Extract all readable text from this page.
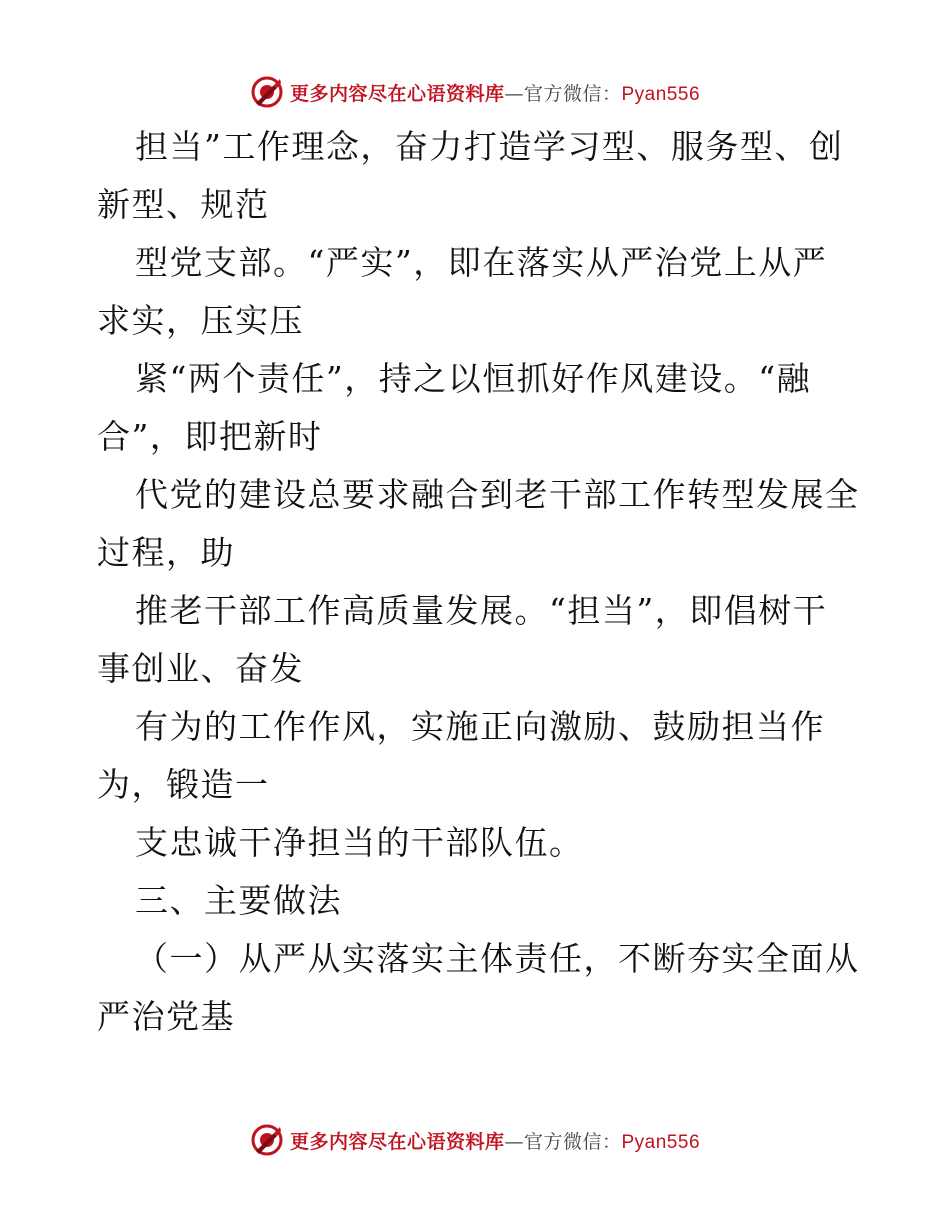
更多内容尽在心语资料库—官方微信：Pyan556
担当”工作理念，奋力打造学习型、服务型、创
新型、规范
型党支部。“严实”，即在落实从严治党上从严
求实，压实压
紧“两个责任”，持之以恒抓好作风建设。“融
合”，即把新时
代党的建设总要求融合到老干部工作转型发展全
过程，助
推老干部工作高质量发展。“担当”，即倡树干
事创业、奋发
有为的工作作风，实施正向激励、鼓励担当作
为，锻造一
支忠诚干净担当的干部队伍。
三、主要做法
（一）从严从实落实主体责任，不断夯实全面从
严治党基
更多内容尽在心语资料库—官方微信：Pyan556
